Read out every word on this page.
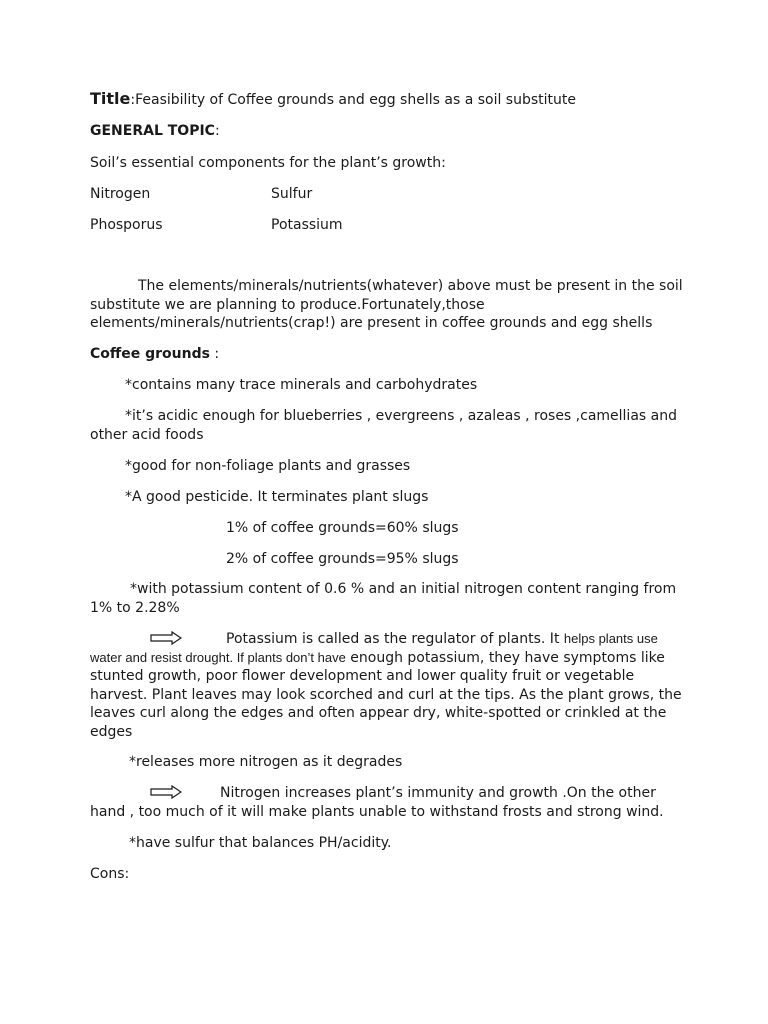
Title:Feasibility of Coffee grounds and egg shells as a soil substitute
GENERAL TOPIC:
Soil’s essential components for the plant’s growth:
Nitrogen	Sulfur
Phosporus	Potassium
The elements/minerals/nutrients(whatever) above must be present in the soil substitute we are planning to produce.Fortunately,those elements/minerals/nutrients(crap!) are present in coffee grounds and egg shells
Coffee grounds :
*contains many trace minerals and carbohydrates
*it’s acidic enough for blueberries , evergreens , azaleas , roses ,camellias and other acid foods
*good for non-foliage plants and grasses
*A good pesticide. It terminates plant slugs
1% of coffee grounds=60% slugs
2% of coffee grounds=95% slugs
*with potassium content of 0.6 % and an initial nitrogen content ranging from 1% to 2.28%
Potassium is called as the regulator of plants. It helps plants use water and resist drought. If plants don’t have enough potassium, they have symptoms like stunted growth, poor flower development and lower quality fruit or vegetable harvest. Plant leaves may look scorched and curl at the tips. As the plant grows, the leaves curl along the edges and often appear dry, white-spotted or crinkled at the edges
*releases more nitrogen as it degrades
Nitrogen increases plant’s immunity and growth .On the other hand , too much of it will make plants unable to withstand frosts and strong wind.
*have sulfur that balances PH/acidity.
Cons:
